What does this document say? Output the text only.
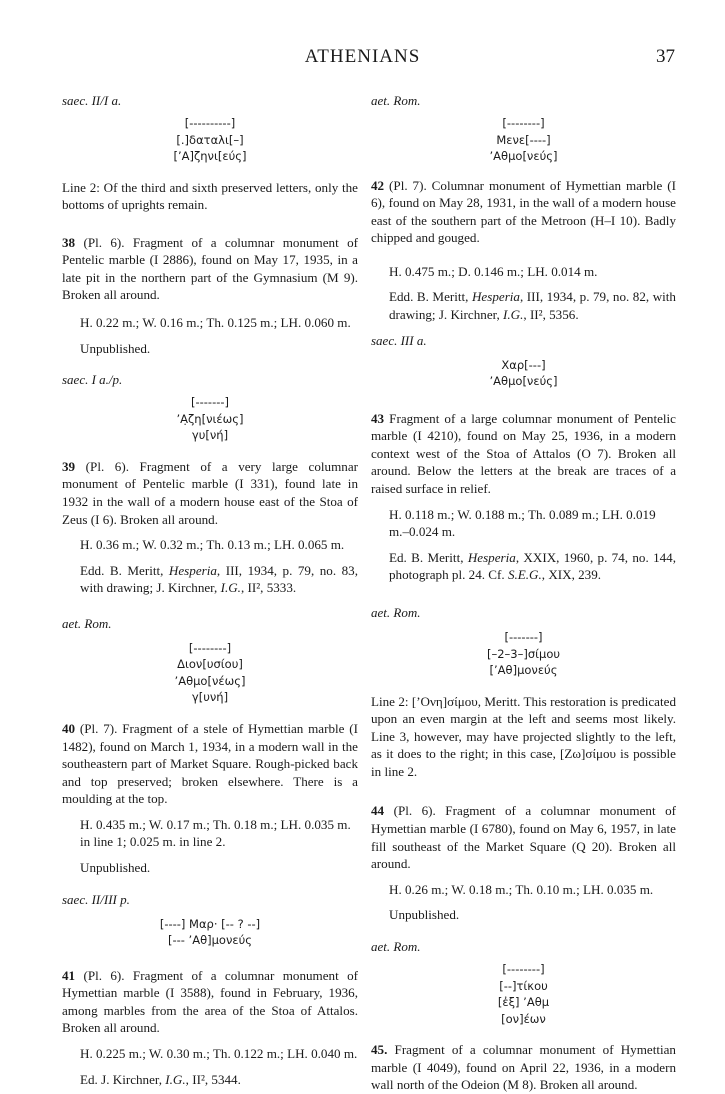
ATHENIANS	37

saec. II/I a.

[----------]
[.]δαταλι[–]
[’Α]ζηνι[εύς]

Line 2: Of the third and sixth preserved letters, only the bottoms of uprights remain.

38 (Pl. 6). Fragment of a columnar monument of Pentelic marble (I 2886), found on May 17, 1935, in a late pit in the northern part of the Gymnasium (M 9). Broken all around.

H. 0.22 m.; W. 0.16 m.; Th. 0.125 m.; LH. 0.060 m.

Unpublished.

saec. I a./p.

[-------]
’Α̣ζη[νιέως]
γυ[νή]

39 (Pl. 6). Fragment of a very large columnar monument of Pentelic marble (I 331), found late in 1932 in the wall of a modern house east of the Stoa of Zeus (I 6). Broken all around.

H. 0.36 m.; W. 0.32 m.; Th. 0.13 m.; LH. 0.065 m.

Edd. B. Meritt, Hesperia, III, 1934, p. 79, no. 83, with drawing; J. Kirchner, I.G., II², 5333.

aet. Rom.

[--------]
Διον[υσίου]
’Αθμο[νέως]
γ[υνή]

40 (Pl. 7). Fragment of a stele of Hymettian marble (I 1482), found on March 1, 1934, in a modern wall in the southeastern part of Market Square. Rough-picked back and top preserved; broken elsewhere. There is a moulding at the top.

H. 0.435 m.; W. 0.17 m.; Th. 0.18 m.; LH. 0.035 m. in line 1; 0.025 m. in line 2.

Unpublished.

saec. II/III p.

[----] Μαρ· [-- ? --]
[--- ’Αθ]μονεύς

41 (Pl. 6). Fragment of a columnar monument of Hymettian marble (I 3588), found in February, 1936, among marbles from the area of the Stoa of Attalos. Broken all around.

H. 0.225 m.; W. 0.30 m.; Th. 0.122 m.; LH. 0.040 m.

Ed. J. Kirchner, I.G., II², 5344.

aet. Rom.

[--------]
Μενε[----]
’Αθμο[νεύς]

42 (Pl. 7). Columnar monument of Hymettian marble (I 6), found on May 28, 1931, in the wall of a modern house east of the southern part of the Metroon (H–I 10). Badly chipped and gouged.

H. 0.475 m.; D. 0.146 m.; LH. 0.014 m.

Edd. B. Meritt, Hesperia, III, 1934, p. 79, no. 82, with drawing; J. Kirchner, I.G., II², 5356.

saec. III a.

Χαρ[---]
’Αθμο[νεύς]

43 Fragment of a large columnar monument of Pentelic marble (I 4210), found on May 25, 1936, in a modern context west of the Stoa of Attalos (O 7). Broken all around. Below the letters at the break are traces of a raised surface in relief.

H. 0.118 m.; W. 0.188 m.; Th. 0.089 m.; LH. 0.019 m.–0.024 m.

Ed. B. Meritt, Hesperia, XXIX, 1960, p. 74, no. 144, photograph pl. 24. Cf. S.E.G., XIX, 239.

aet. Rom.

[-------]
[–2–3–]σίμου
[’Αθ]μονεύς

Line 2: [’Ονη]σίμου, Meritt. This restoration is predicated upon an even margin at the left and seems most likely. Line 3, however, may have projected slightly to the left, as it does to the right; in this case, [Ζω]σίμου is possible in line 2.

44 (Pl. 6). Fragment of a columnar monument of Hymettian marble (I 6780), found on May 6, 1957, in late fill southeast of the Market Square (Q 20). Broken all around.

H. 0.26 m.; W. 0.18 m.; Th. 0.10 m.; LH. 0.035 m.

Unpublished.

aet. Rom.

[--------]
[--]τίκου
[ἐξ] ’Αθμ
[ον]έων

45. Fragment of a columnar monument of Hymettian marble (I 4049), found on April 22, 1936, in a modern wall north of the Odeion (M 8). Broken all around.
